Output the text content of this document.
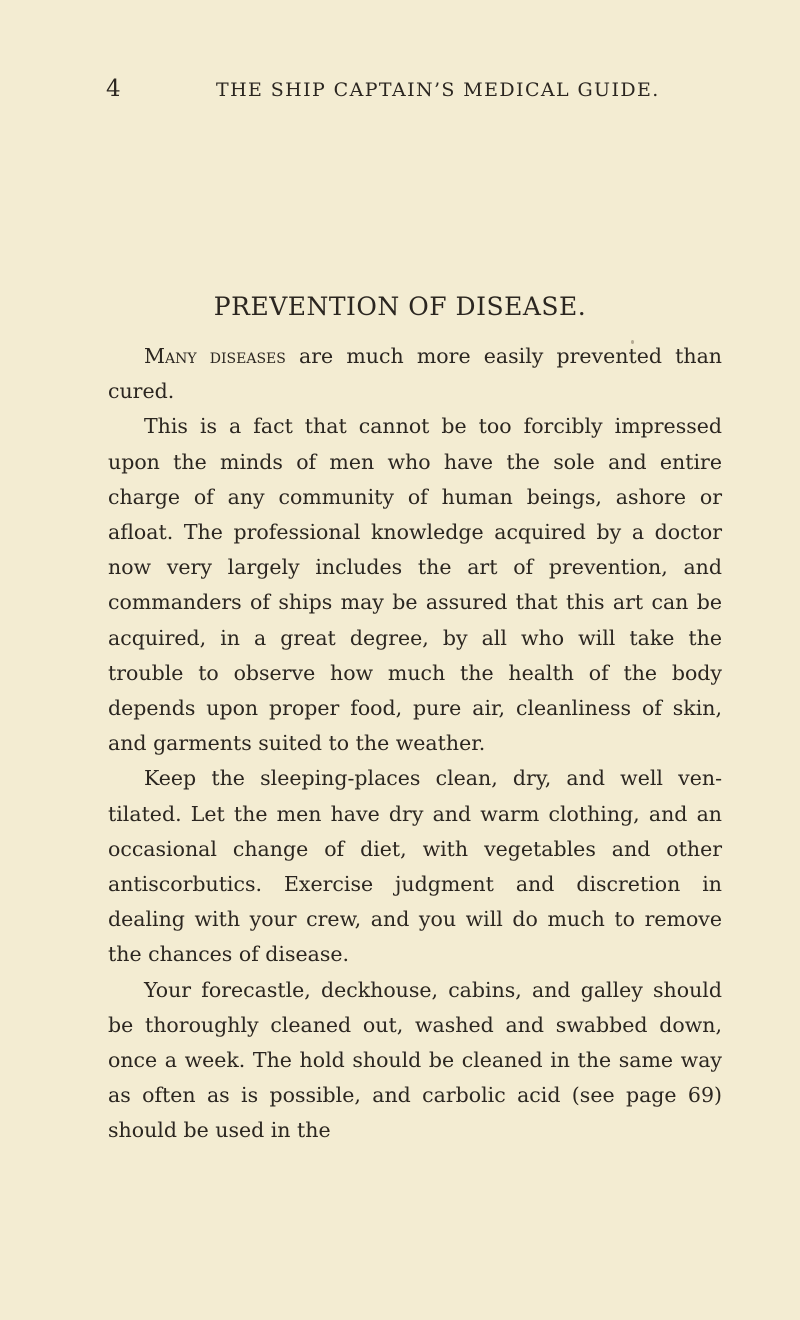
4	THE SHIP CAPTAIN’S MEDICAL GUIDE.
PREVENTION OF DISEASE.

Many diseases are much more easily prevented than cured.

This is a fact that cannot be too forcibly impressed upon the minds of men who have the sole and entire charge of any community of human beings, ashore or afloat. The professional knowledge acquired by a doctor now very largely includes the art of prevention, and commanders of ships may be assured that this art can be acquired, in a great degree, by all who will take the trouble to observe how much the health of the body depends upon proper food, pure air, cleanliness of skin, and garments suited to the weather.

Keep the sleeping-places clean, dry, and well ventilated. Let the men have dry and warm clothing, and an occasional change of diet, with vegetables and other antiscorbutics. Exercise judgment and discretion in dealing with your crew, and you will do much to remove the chances of disease.

Your forecastle, deckhouse, cabins, and galley should be thoroughly cleaned out, washed and swabbed down, once a week. The hold should be cleaned in the same way as often as is possible, and carbolic acid (see page 69) should be used in the
